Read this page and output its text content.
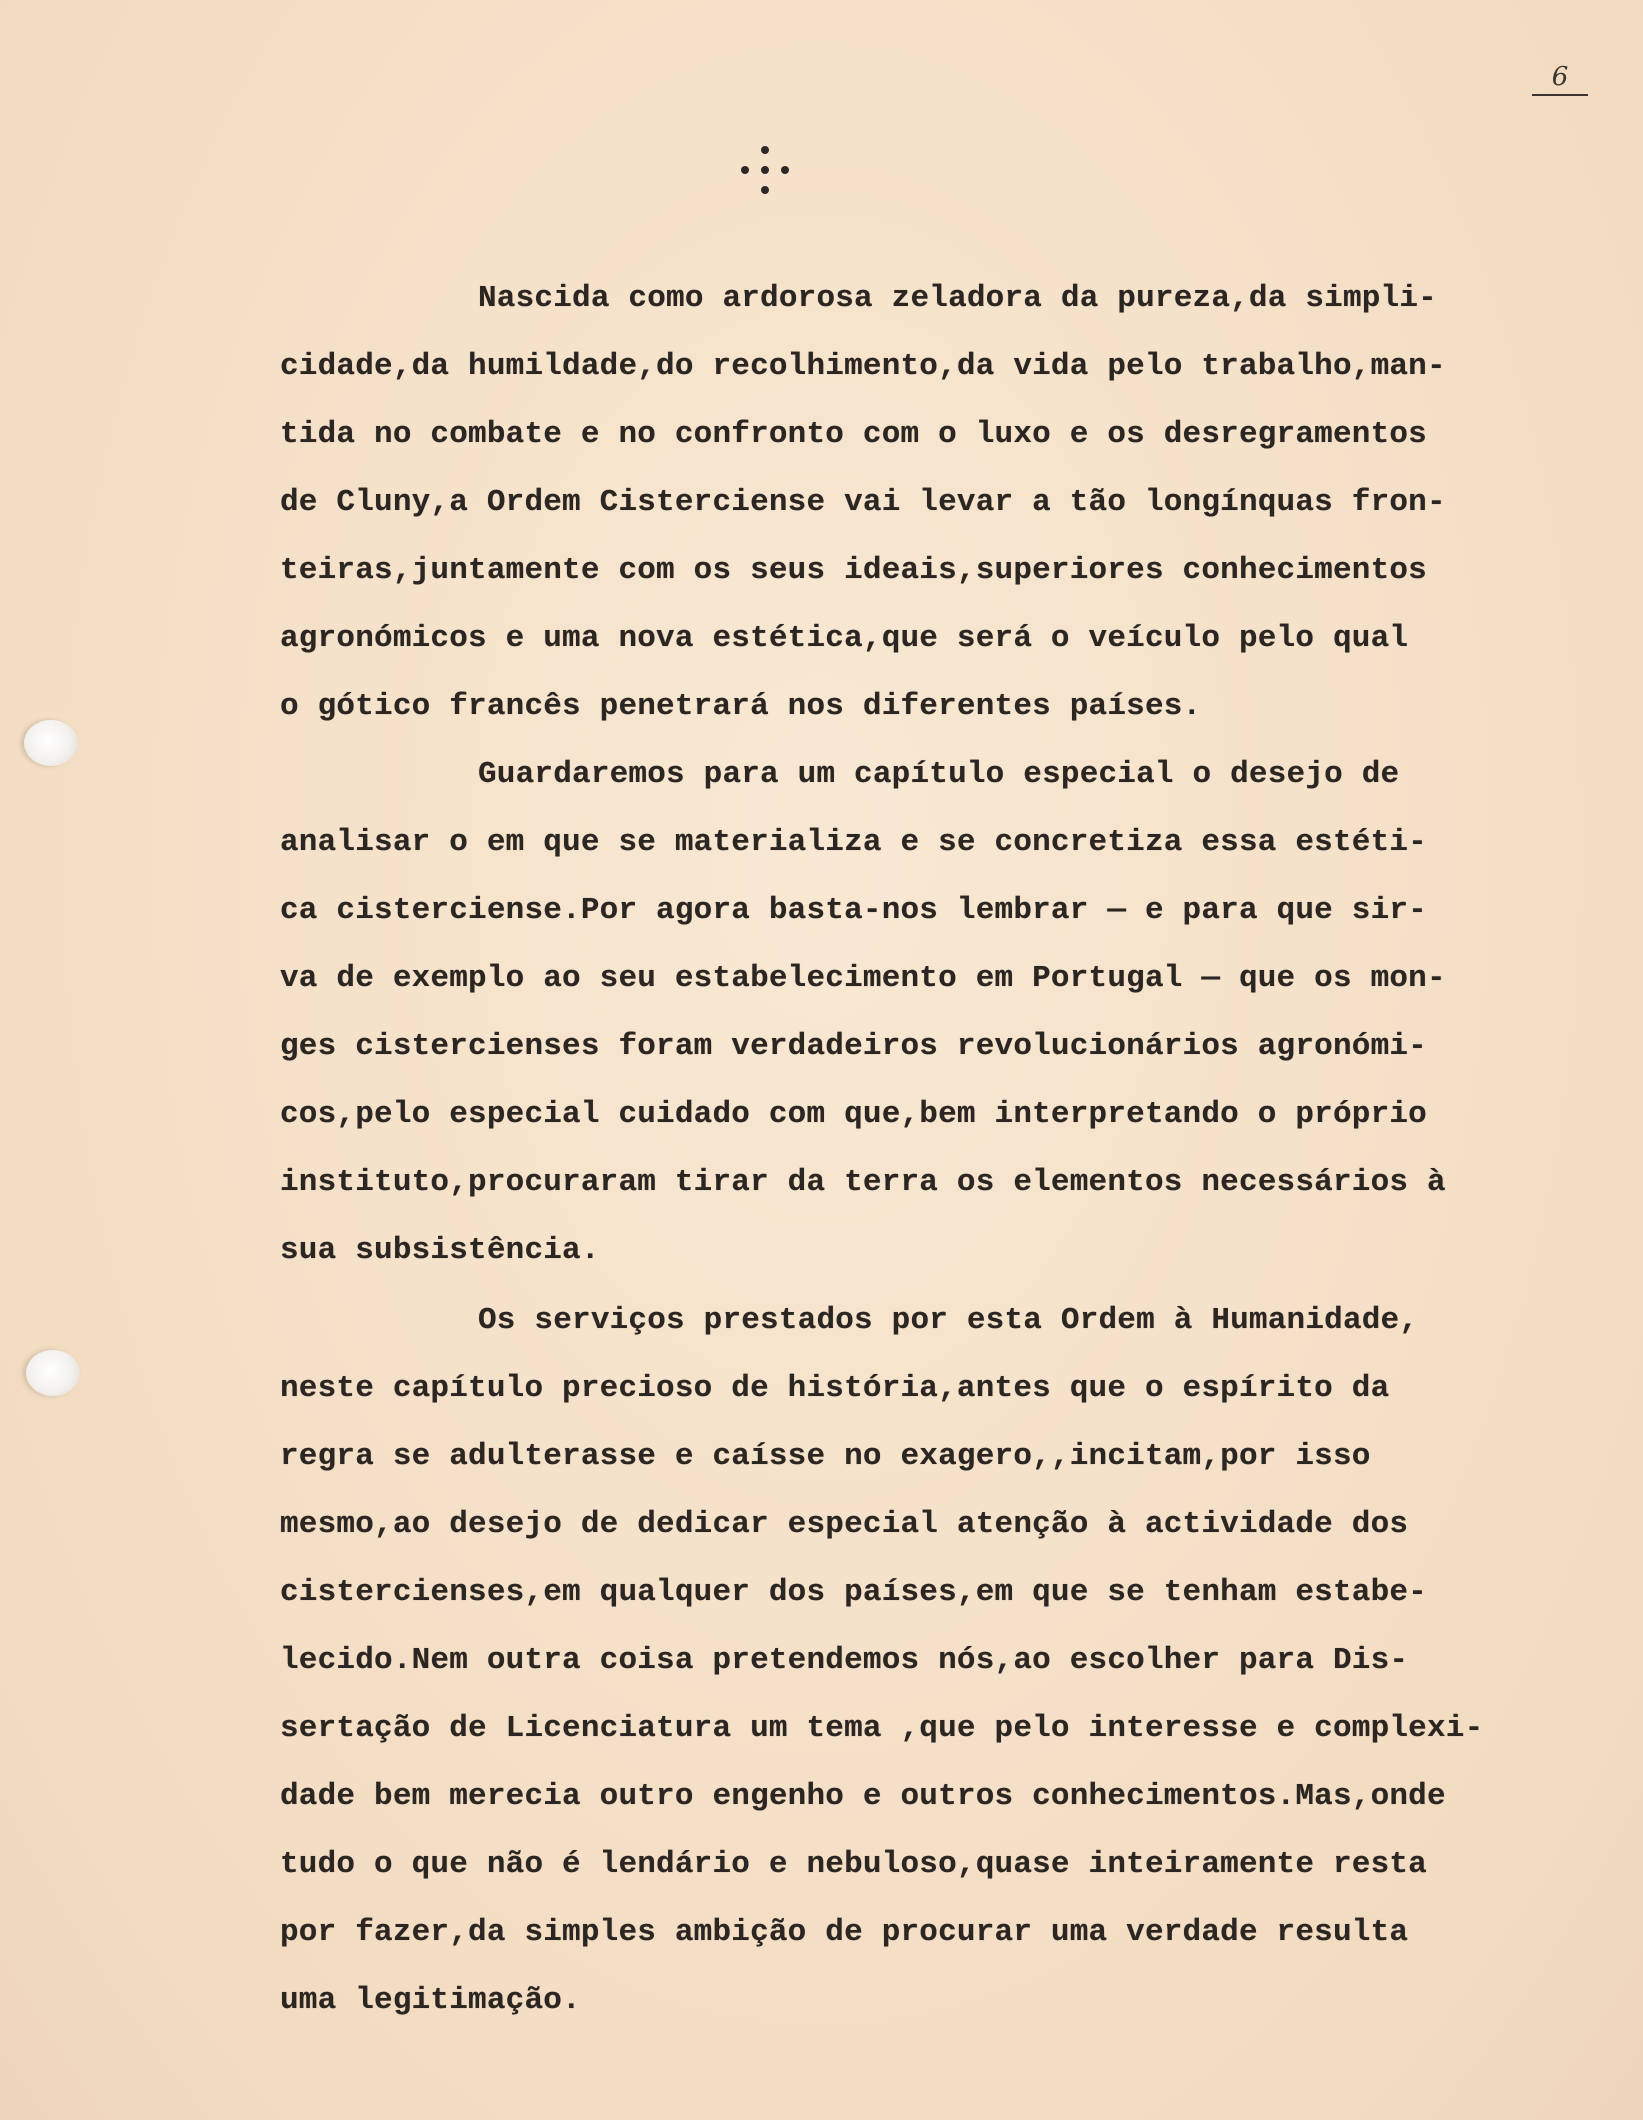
6
Nascida como ardorosa zeladora da pureza,da simpli-
cidade,da humildade,do recolhimento,da vida pelo trabalho,man-
tida no combate e no confronto com o luxo e os desregramentos
de Cluny,a Ordem Cisterciense vai levar a tão longínquas fron-
teiras,juntamente com os seus ideais,superiores conhecimentos
agronómicos e uma nova estética,que será o veículo pelo qual
o gótico francês penetrará nos diferentes países.
Guardaremos para um capítulo especial o desejo de
analisar o em que se materializa e se concretiza essa estéti-
ca cisterciense.Por agora basta-nos lembrar — e para que sir-
va de exemplo ao seu estabelecimento em Portugal — que os mon-
ges cistercienses foram verdadeiros revolucionários agronómi-
cos,pelo especial cuidado com que,bem interpretando o próprio
instituto,procuraram tirar da terra os elementos necessários à
sua subsistência.
Os serviços prestados por esta Ordem à Humanidade,
neste capítulo precioso de história,antes que o espírito da
regra se adulterasse e caísse no exagero,,incitam,por isso
mesmo,ao desejo de dedicar especial atenção à actividade dos
cistercienses,em qualquer dos países,em que se tenham estabe-
lecido.Nem outra coisa pretendemos nós,ao escolher para Dis-
sertação de Licenciatura um tema ,que pelo interesse e complexi-
dade bem merecia outro engenho e outros conhecimentos.Mas,onde
tudo o que não é lendário e nebuloso,quase inteiramente resta
por fazer,da simples ambição de procurar uma verdade resulta
uma legitimação.
